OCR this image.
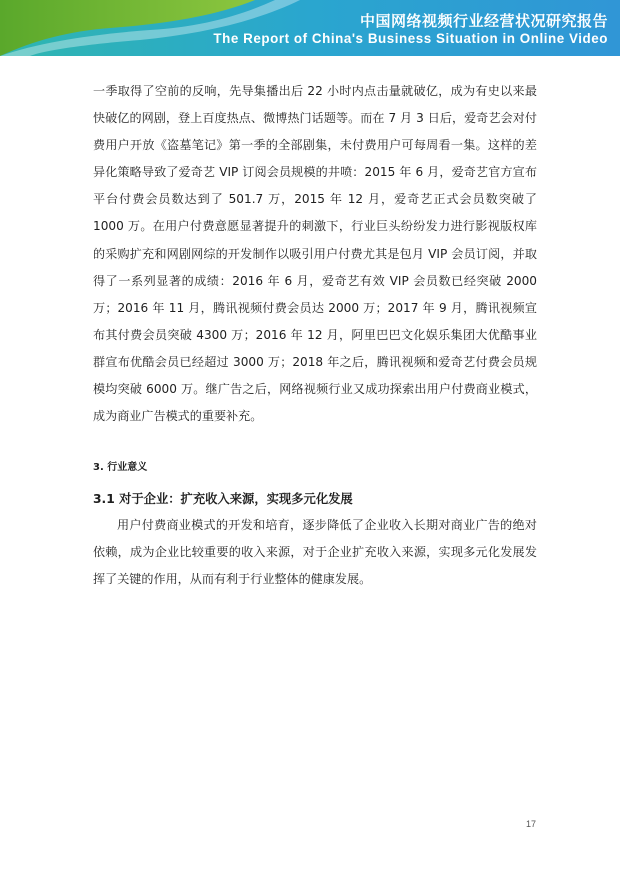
中国网络视频行业经营状况研究报告
The Report of China's Business Situation in Online Video

一季取得了空前的反响，先导集播出后 22 小时内点击量就破亿，成为有史以来最快破亿的网剧，登上百度热点、微博热门话题等。而在 7 月 3 日后，爱奇艺会对付费用户开放《盗墓笔记》第一季的全部剧集，未付费用户可每周看一集。这样的差异化策略导致了爱奇艺 VIP 订阅会员规模的井喷：2015 年 6 月，爱奇艺官方宣布平台付费会员数达到了 501.7 万，2015 年 12 月，爱奇艺正式会员数突破了 1000 万。在用户付费意愿显著提升的刺激下，行业巨头纷纷发力进行影视版权库的采购扩充和网剧网综的开发制作以吸引用户付费尤其是包月 VIP 会员订阅，并取得了一系列显著的成绩：2016 年 6 月，爱奇艺有效 VIP 会员数已经突破 2000 万；2016 年 11 月，腾讯视频付费会员达 2000 万；2017 年 9 月，腾讯视频宣布其付费会员突破 4300 万；2016 年 12 月，阿里巴巴文化娱乐集团大优酷事业群宣布优酷会员已经超过 3000 万；2018 年之后，腾讯视频和爱奇艺付费会员规模均突破 6000 万。继广告之后，网络视频行业又成功探索出用户付费商业模式，成为商业广告模式的重要补充。

3. 行业意义
3.1 对于企业：扩充收入来源，实现多元化发展

用户付费商业模式的开发和培育，逐步降低了企业收入长期对商业广告的绝对依赖，成为企业比较重要的收入来源，对于企业扩充收入来源，实现多元化发展发挥了关键的作用，从而有利于行业整体的健康发展。

17
